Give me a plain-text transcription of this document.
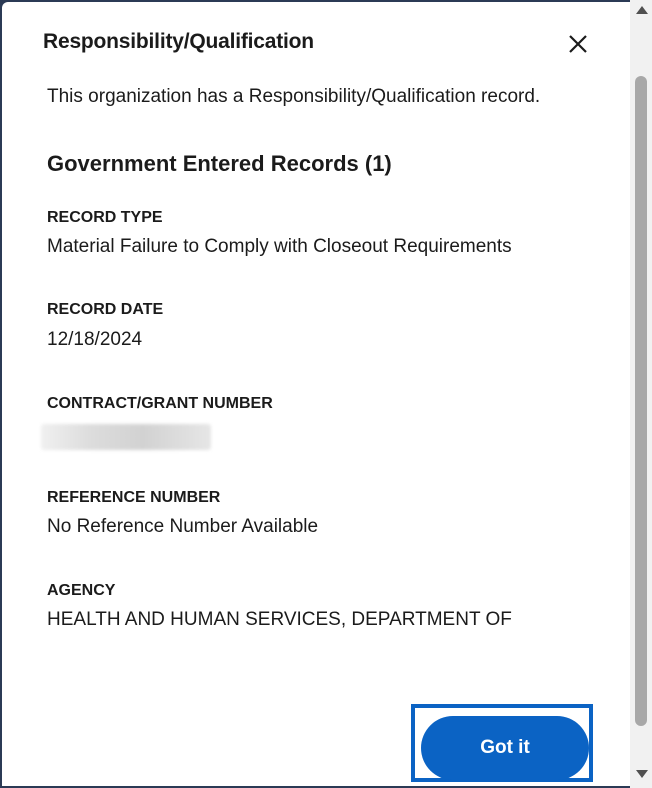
Responsibility/Qualification
This organization has a Responsibility/Qualification record.
Government Entered Records (1)
RECORD TYPE
Material Failure to Comply with Closeout Requirements
RECORD DATE
12/18/2024
CONTRACT/GRANT NUMBER
REFERENCE NUMBER
No Reference Number Available
AGENCY
HEALTH AND HUMAN SERVICES, DEPARTMENT OF
Got it
